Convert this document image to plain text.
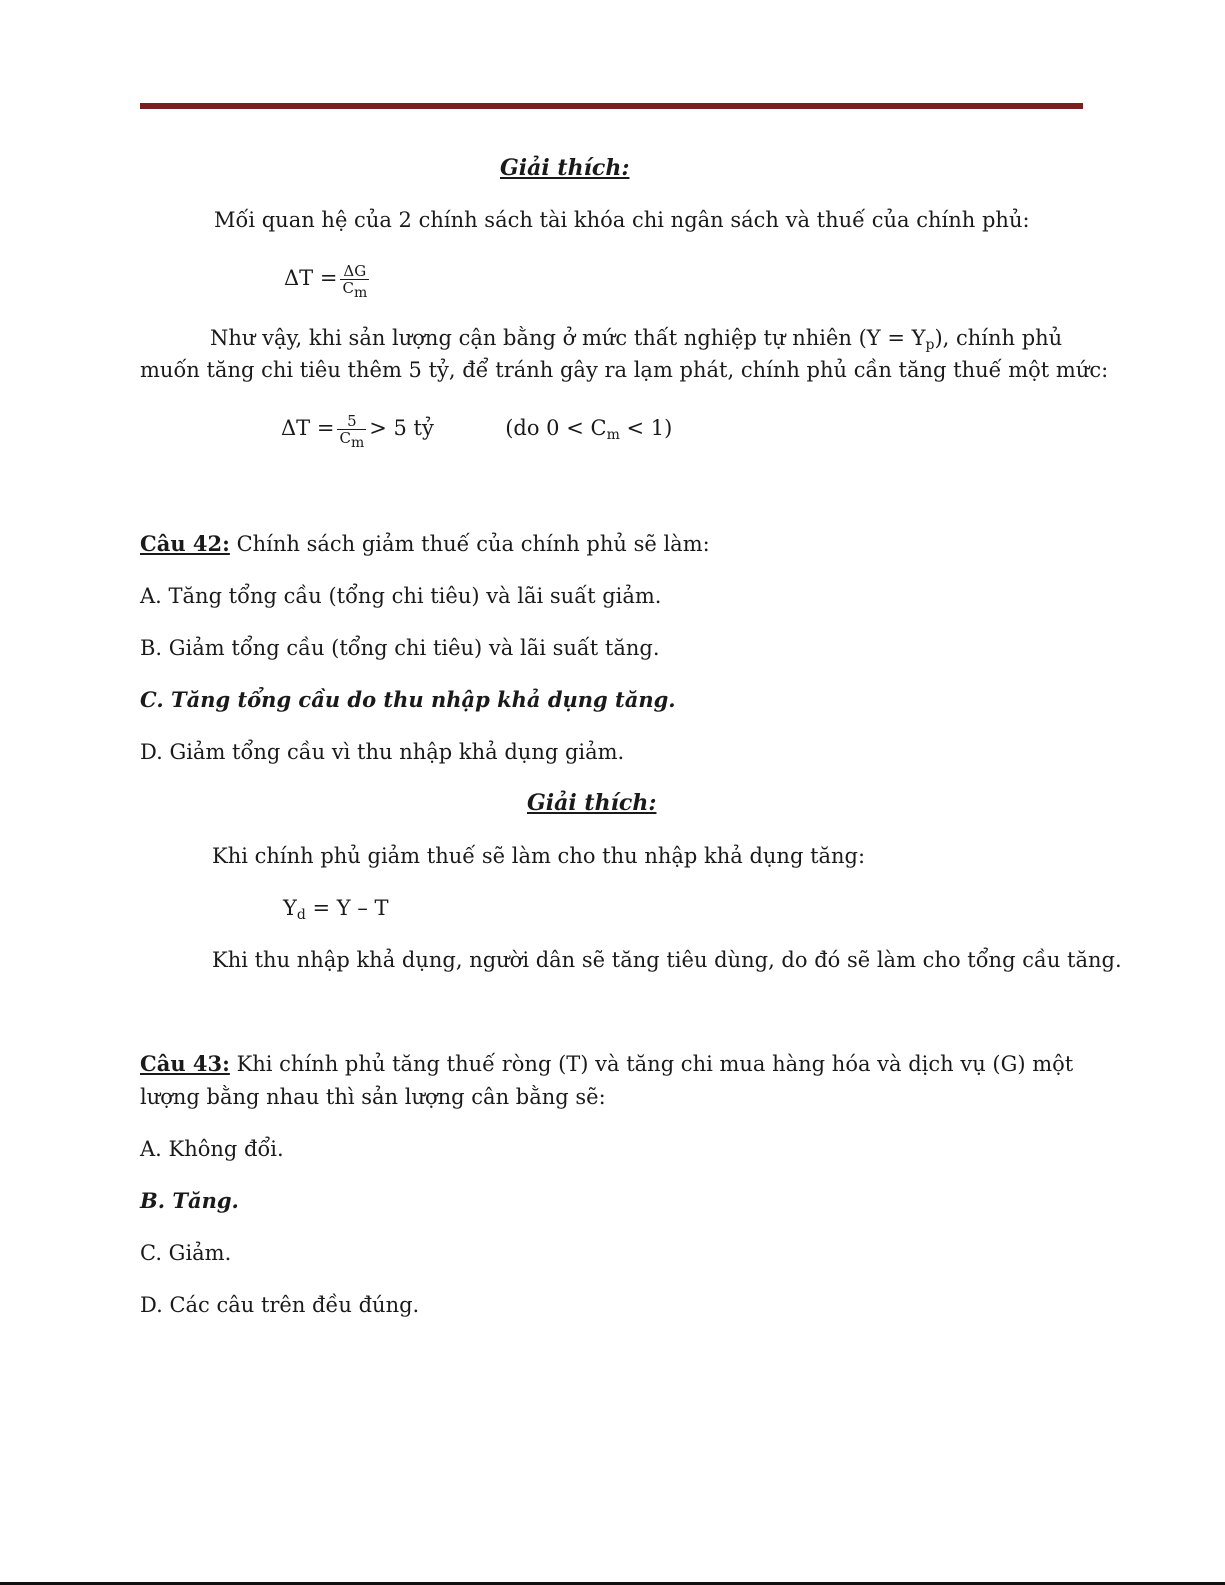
Giải thích:
Mối quan hệ của 2 chính sách tài khóa chi ngân sách và thuế của chính phủ:
$\Delta T = \frac{\Delta G}{C_m}$
Như vậy, khi sản lượng cận bằng ở mức thất nghiệp tự nhiên $(Y = Y_p)$, chính phủ
muốn tăng chi tiêu thêm 5 tỷ, để tránh gây ra lạm phát, chính phủ cần tăng thuế một mức:
$\Delta T = \frac{5}{C_m} > 5$ tỷ	(do $0 < C_m < 1$)
Câu 42: Chính sách giảm thuế của chính phủ sẽ làm:
A. Tăng tổng cầu (tổng chi tiêu) và lãi suất giảm.
B. Giảm tổng cầu (tổng chi tiêu) và lãi suất tăng.
C. Tăng tổng cầu do thu nhập khả dụng tăng.
D. Giảm tổng cầu vì thu nhập khả dụng giảm.
Giải thích:
Khi chính phủ giảm thuế sẽ làm cho thu nhập khả dụng tăng:
$Y_d = Y - T$
Khi thu nhập khả dụng, người dân sẽ tăng tiêu dùng, do đó sẽ làm cho tổng cầu tăng.
Câu 43: Khi chính phủ tăng thuế ròng (T) và tăng chi mua hàng hóa và dịch vụ (G) một
lượng bằng nhau thì sản lượng cân bằng sẽ:
A. Không đổi.
B. Tăng.
C. Giảm.
D. Các câu trên đều đúng.
